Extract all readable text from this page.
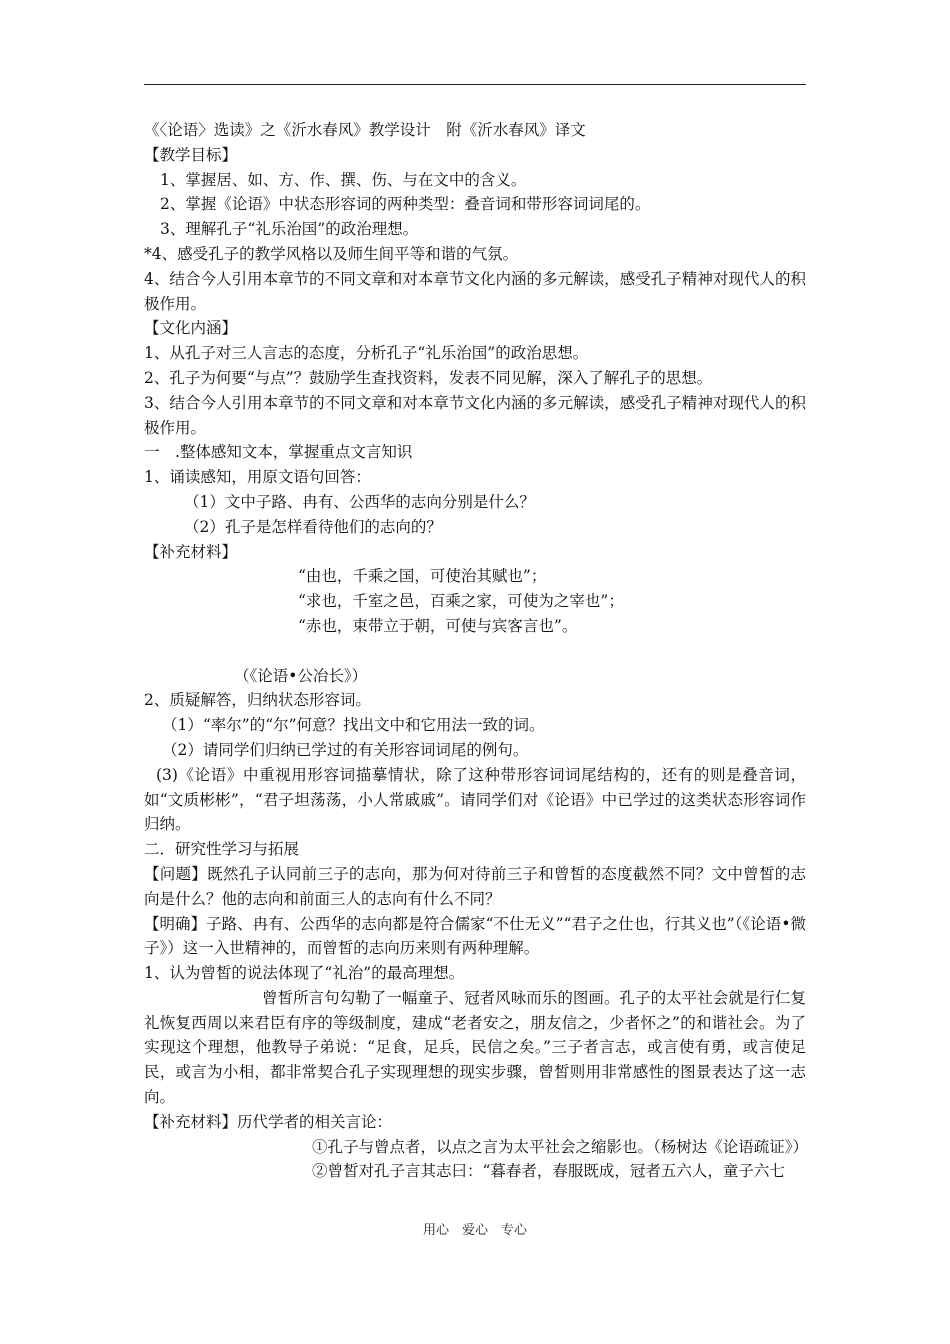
《〈论语〉选读》之《沂水春风》教学设计　附《沂水春风》译文
【教学目标】
1、掌握居、如、方、作、撰、伤、与在文中的含义。
2、掌握《论语》中状态形容词的两种类型：叠音词和带形容词词尾的。
3、理解孔子“礼乐治国”的政治理想。
*4、感受孔子的教学风格以及师生间平等和谐的气氛。
4、结合今人引用本章节的不同文章和对本章节文化内涵的多元解读，感受孔子精神对现代人的积极作用。
【文化内涵】
1、从孔子对三人言志的态度，分析孔子“礼乐治国”的政治思想。
2、孔子为何要“与点”？鼓励学生查找资料，发表不同见解，深入了解孔子的思想。
3、结合今人引用本章节的不同文章和对本章节文化内涵的多元解读，感受孔子精神对现代人的积极作用。
一　.整体感知文本，掌握重点文言知识
1、诵读感知，用原文语句回答：
（1）文中子路、冉有、公西华的志向分别是什么？
（2）孔子是怎样看待他们的志向的？
【补充材料】
“由也，千乘之国，可使治其赋也”；
“求也，千室之邑，百乘之家，可使为之宰也”；
“赤也，束带立于朝，可使与宾客言也”。
（《论语•公冶长》）
2、质疑解答，归纳状态形容词。
（1）“率尔”的“尔”何意？找出文中和它用法一致的词。
（2）请同学们归纳已学过的有关形容词词尾的例句。
(3)《论语》中重视用形容词描摹情状，除了这种带形容词词尾结构的，还有的则是叠音词，如“文质彬彬”，“君子坦荡荡，小人常戚戚”。请同学们对《论语》中已学过的这类状态形容词作归纳。
二．研究性学习与拓展
【问题】既然孔子认同前三子的志向，那为何对待前三子和曾皙的态度截然不同？文中曾皙的志向是什么？他的志向和前面三人的志向有什么不同？
【明确】子路、冉有、公西华的志向都是符合儒家“不仕无义”“君子之仕也，行其义也”（《论语•微子》）这一入世精神的，而曾皙的志向历来则有两种理解。
1、认为曾皙的说法体现了“礼治”的最高理想。
曾皙所言句勾勒了一幅童子、冠者风咏而乐的图画。孔子的太平社会就是行仁复礼恢复西周以来君臣有序的等级制度，建成“老者安之，朋友信之，少者怀之”的和谐社会。为了实现这个理想，他教导子弟说：“足食，足兵，民信之矣。”三子者言志，或言使有勇，或言使足民，或言为小相，都非常契合孔子实现理想的现实步骤，曾皙则用非常感性的图景表达了这一志向。
【补充材料】历代学者的相关言论：
①孔子与曾点者，以点之言为太平社会之缩影也。（杨树达《论语疏证》）
②曾皙对孔子言其志曰：“暮春者，春服既成，冠者五六人，童子六七
用心　爱心　专心
